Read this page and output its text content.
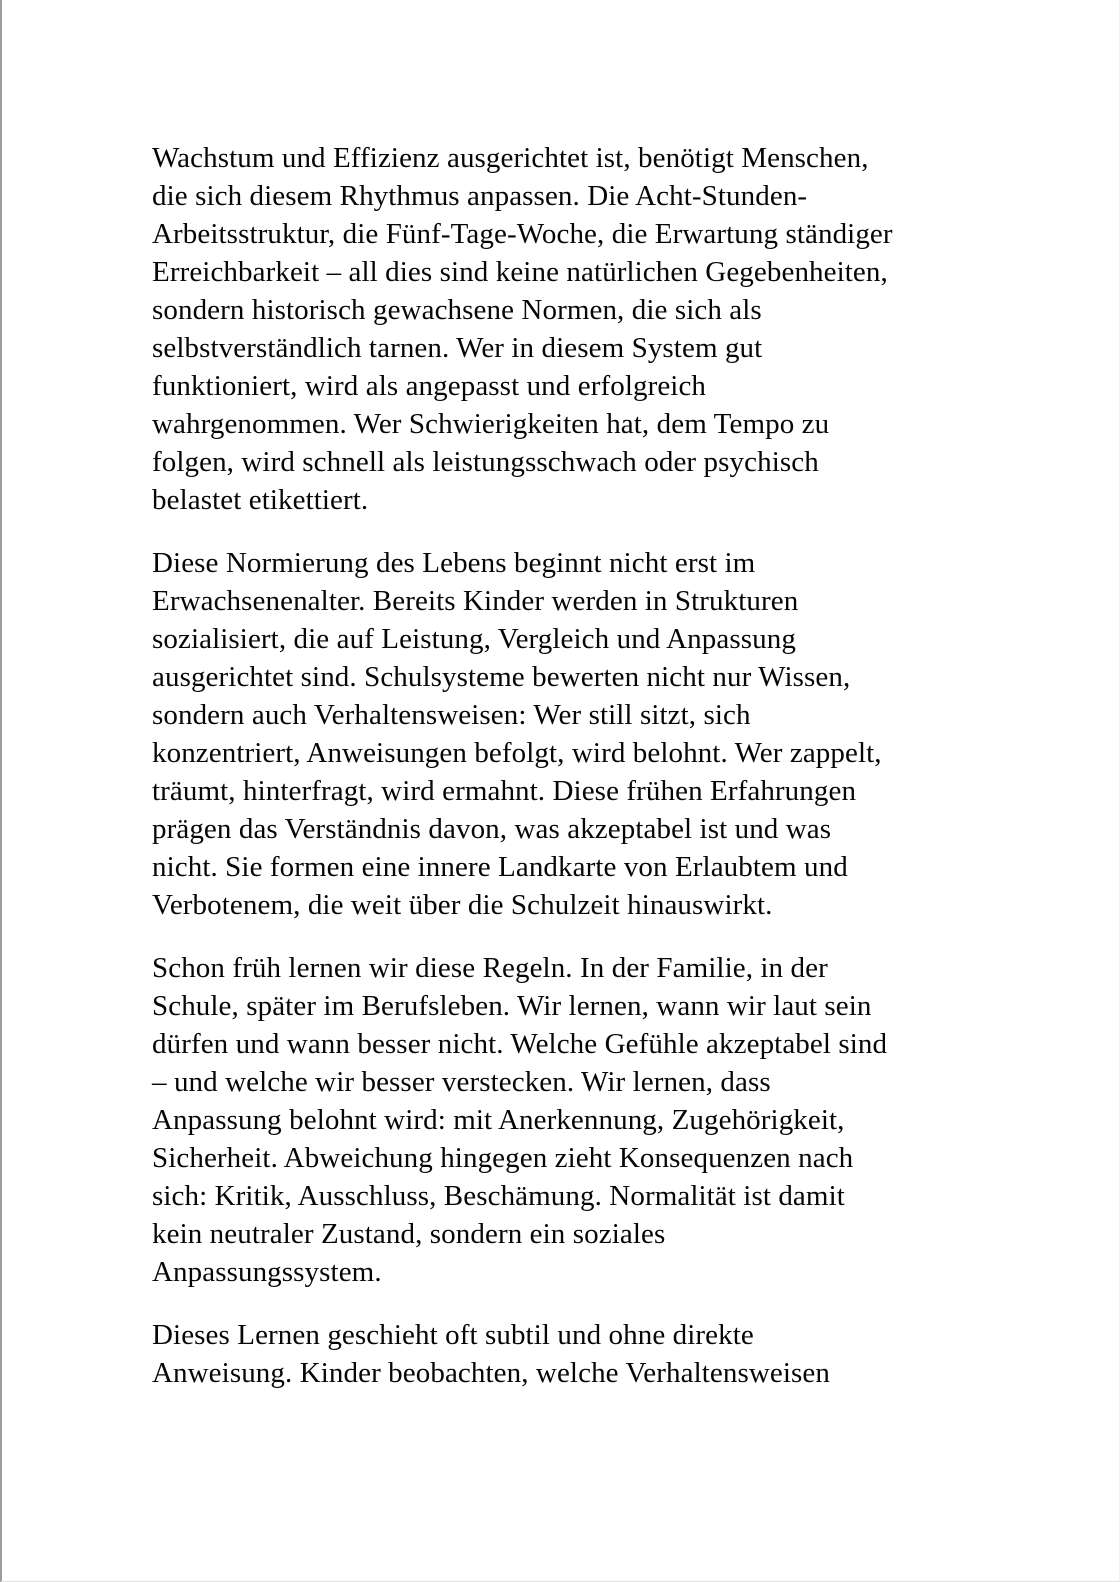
Wachstum und Effizienz ausgerichtet ist, benötigt Menschen,
die sich diesem Rhythmus anpassen. Die Acht-Stunden-
Arbeitsstruktur, die Fünf-Tage-Woche, die Erwartung ständiger
Erreichbarkeit – all dies sind keine natürlichen Gegebenheiten,
sondern historisch gewachsene Normen, die sich als
selbstverständlich tarnen. Wer in diesem System gut
funktioniert, wird als angepasst und erfolgreich
wahrgenommen. Wer Schwierigkeiten hat, dem Tempo zu
folgen, wird schnell als leistungsschwach oder psychisch
belastet etikettiert.

Diese Normierung des Lebens beginnt nicht erst im
Erwachsenenalter. Bereits Kinder werden in Strukturen
sozialisiert, die auf Leistung, Vergleich und Anpassung
ausgerichtet sind. Schulsysteme bewerten nicht nur Wissen,
sondern auch Verhaltensweisen: Wer still sitzt, sich
konzentriert, Anweisungen befolgt, wird belohnt. Wer zappelt,
träumt, hinterfragt, wird ermahnt. Diese frühen Erfahrungen
prägen das Verständnis davon, was akzeptabel ist und was
nicht. Sie formen eine innere Landkarte von Erlaubtem und
Verbotenem, die weit über die Schulzeit hinauswirkt.

Schon früh lernen wir diese Regeln. In der Familie, in der
Schule, später im Berufsleben. Wir lernen, wann wir laut sein
dürfen und wann besser nicht. Welche Gefühle akzeptabel sind
– und welche wir besser verstecken. Wir lernen, dass
Anpassung belohnt wird: mit Anerkennung, Zugehörigkeit,
Sicherheit. Abweichung hingegen zieht Konsequenzen nach
sich: Kritik, Ausschluss, Beschämung. Normalität ist damit
kein neutraler Zustand, sondern ein soziales
Anpassungssystem.

Dieses Lernen geschieht oft subtil und ohne direkte
Anweisung. Kinder beobachten, welche Verhaltensweisen
